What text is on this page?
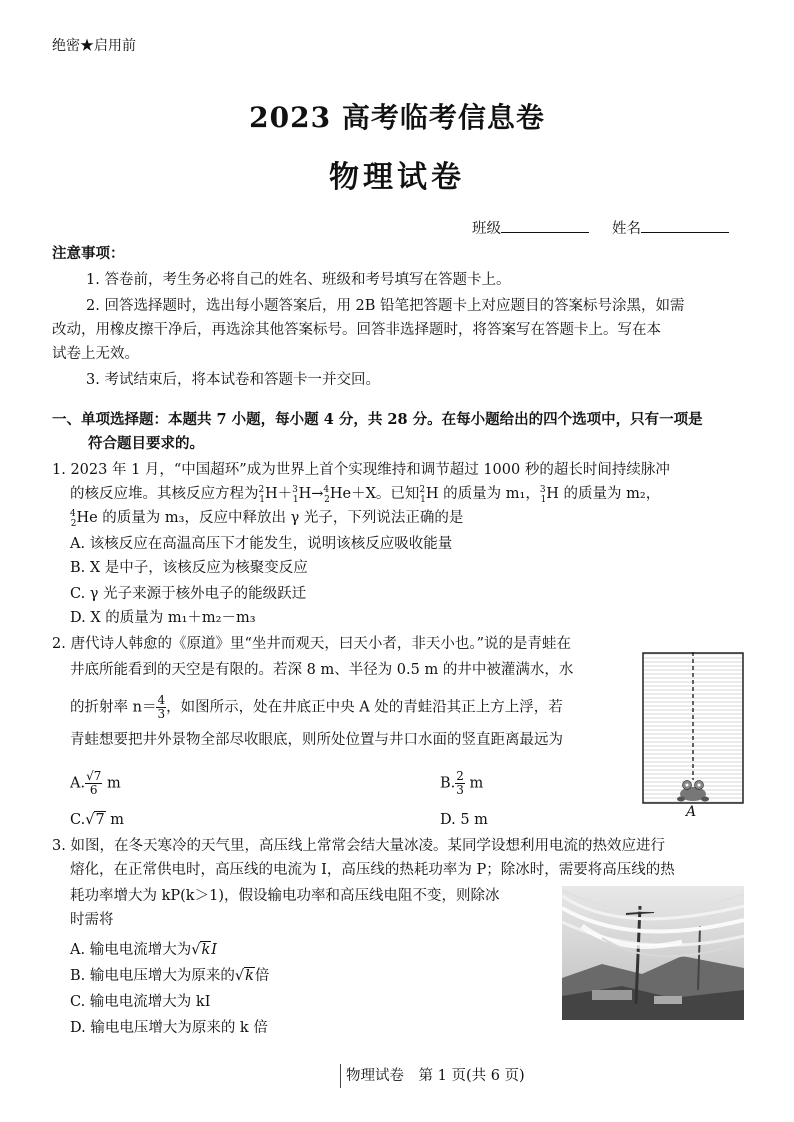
绝密★启用前
2023 高考临考信息卷
物理试卷
班级	姓名
注意事项：
1. 答卷前，考生务必将自己的姓名、班级和考号填写在答题卡上。
2. 回答选择题时，选出每小题答案后，用 2B 铅笔把答题卡上对应题目的答案标号涂黑，如需
改动，用橡皮擦干净后，再选涂其他答案标号。回答非选择题时，将答案写在答题卡上。写在本
试卷上无效。
3. 考试结束后，将本试卷和答题卡一并交回。
一、单项选择题：本题共 7 小题，每小题 4 分，共 28 分。在每小题给出的四个选项中，只有一项是
符合题目要求的。
1. 2023 年 1 月，“中国超环”成为世界上首个实现维持和调节超过 1000 秒的超长时间持续脉冲
的核反应堆。其核反应方程为$^2_1$H＋$^3_1$H→$^4_2$He＋X。已知$^2_1$H 的质量为 m₁，$^3_1$H 的质量为 m₂，
$^4_2$He 的质量为 m₃，反应中释放出 γ 光子，下列说法正确的是
A. 该核反应在高温高压下才能发生，说明该核反应吸收能量
B. X 是中子，该核反应为核聚变反应
C. γ 光子来源于核外电子的能级跃迁
D. X 的质量为 m₁＋m₂－m₃
2. 唐代诗人韩愈的《原道》里“坐井而观天，曰天小者，非天小也。”说的是青蛙在
井底所能看到的天空是有限的。若深 8 m、半径为 0.5 m 的井中被灌满水，水
的折射率 $n= \frac{4}{3}$ ，如图所示，处在井底正中央 A 处的青蛙沿其正上方上浮，若
青蛙想要把井外景物全部尽收眼底，则所处位置与井口水面的竖直距离最远为
A. $\frac{√7}{6}$ m	B. $\frac{2}{3}$ m
C.√7 m	D. 5 m	A
3. 如图，在冬天寒冷的天气里，高压线上常常会结大量冰凌。某同学设想利用电流的热效应进行
熔化，在正常供电时，高压线的电流为 I，高压线的热耗功率为 P；除冰时，需要将高压线的热
耗功率增大为 kP(k＞1)，假设输电功率和高压线电阻不变，则除冰
时需将
A. 输电电流增大为√kI
B. 输电电压增大为原来的√k倍
C. 输电电流增大为 kI
D. 输电电压增大为原来的 k 倍
物理试卷　第 1 页(共 6 页)
